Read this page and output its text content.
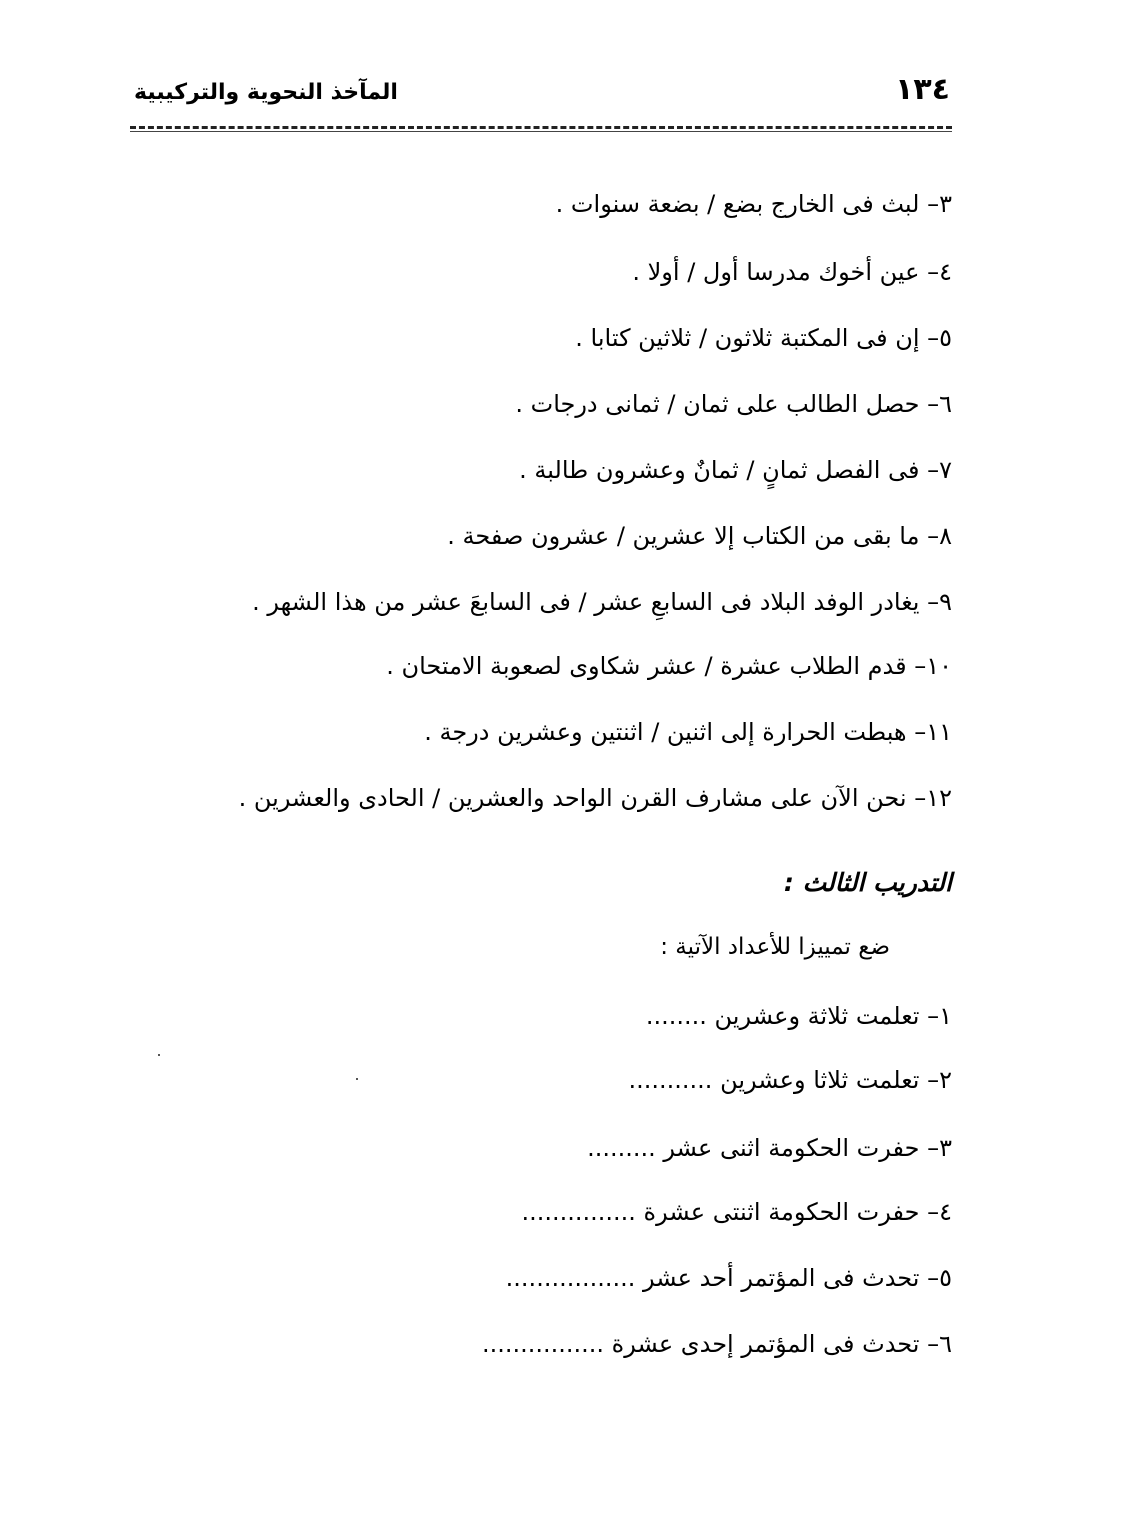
١٣٤
المآخذ النحوية والتركيبية
٣– لبث فى الخارج بضع / بضعة سنوات .
٤– عين أخوك مدرسا أول / أولا .
٥– إن فى المكتبة ثلاثون / ثلاثين كتابا .
٦– حصل الطالب على ثمان / ثمانى درجات .
٧– فى الفصل ثمانٍ / ثمانٌ وعشرون طالبة .
٨– ما بقى من الكتاب إلا عشرين / عشرون صفحة .
٩– يغادر الوفد البلاد فى السابعِ عشر / فى السابعَ عشر من هذا الشهر .
١٠– قدم الطلاب عشرة / عشر شكاوى لصعوبة الامتحان .
١١– هبطت الحرارة إلى اثنين / اثنتين وعشرين درجة .
١٢– نحن الآن على مشارف القرن الواحد والعشرين / الحادى والعشرين .
التدريب الثالث :
ضع تمييزا للأعداد الآتية :
١– تعلمت ثلاثة وعشرين ........
٢– تعلمت ثلاثا وعشرين ...........
٣– حفرت الحكومة اثنى عشر .........
٤– حفرت الحكومة اثنتى عشرة ...............
٥– تحدث فى المؤتمر أحد عشر .................
٦– تحدث فى المؤتمر إحدى عشرة ................
